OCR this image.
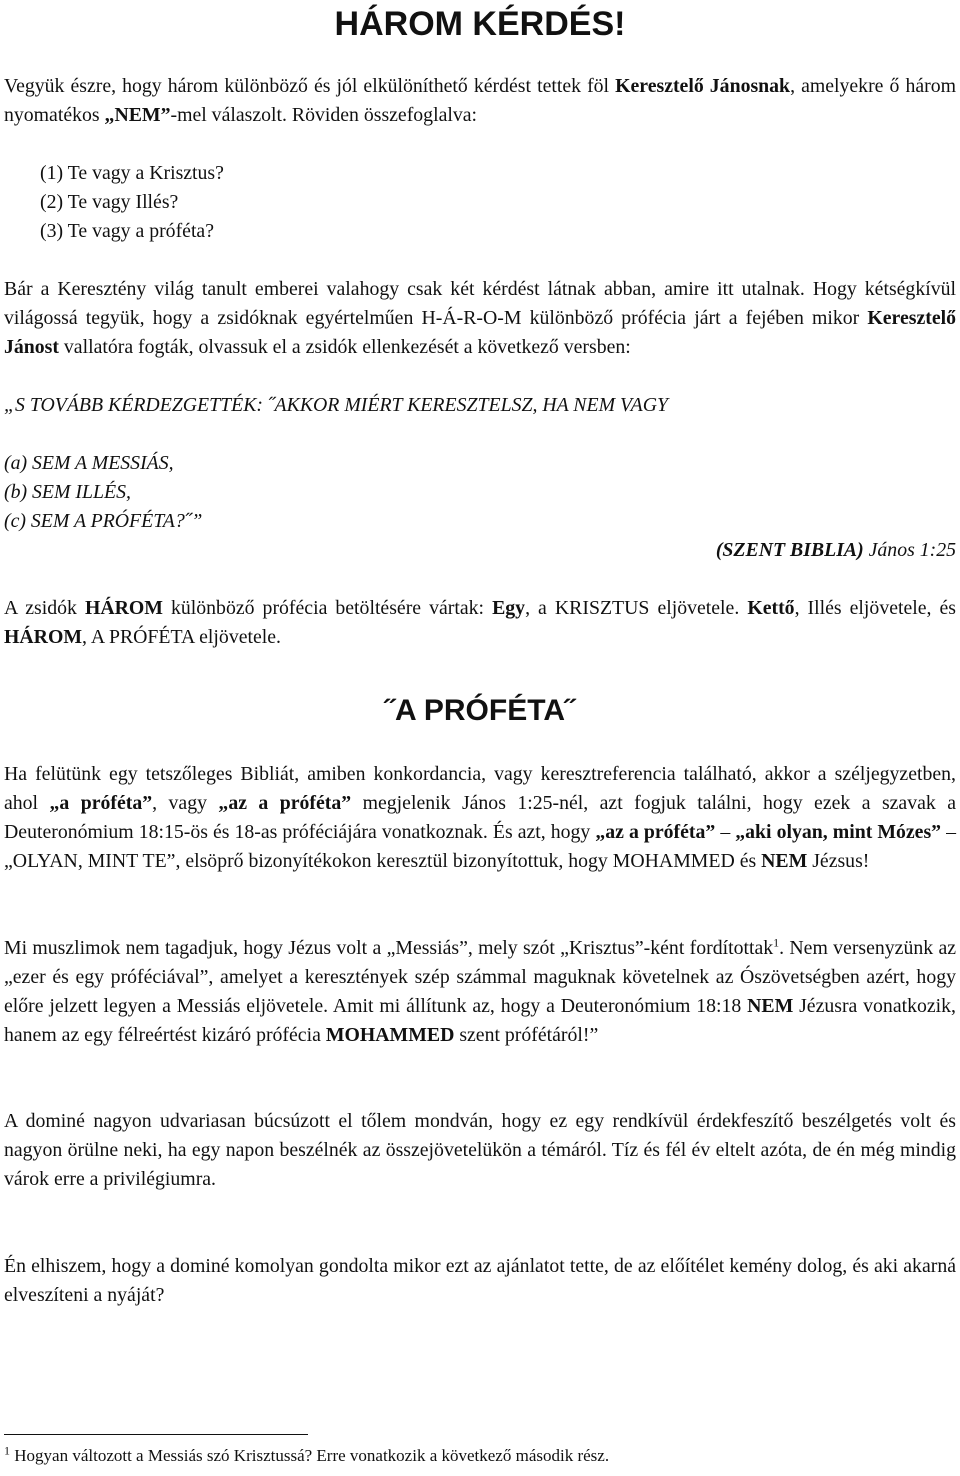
HÁROM KÉRDÉS!
Vegyük észre, hogy három különböző és jól elkülöníthető kérdést tettek föl Keresztelő Jánosnak, amelyekre ő három nyomatékos „NEM”-mel válaszolt. Röviden összefoglalva:
(1) Te vagy a Krisztus?
(2) Te vagy Illés?
(3) Te vagy a próféta?
Bár a Keresztény világ tanult emberei valahogy csak két kérdést látnak abban, amire itt utalnak. Hogy kétségkívül világossá tegyük, hogy a zsidóknak egyértelműen H-Á-R-O-M különböző prófécia járt a fejében mikor Keresztelő Jánost vallatóra fogták, olvassuk el a zsidók ellenkezését a következő versben:
„S TOVÁBB KÉRDEZGETTÉK: ˝AKKOR MIÉRT KERESZTELSZ, HA NEM VAGY
(a) SEM A MESSIÁS,
(b) SEM ILLÉS,
(c) SEM A PRÓFÉTA?˝”
(SZENT BIBLIA) János 1:25
A zsidók HÁROM különböző prófécia betöltésére vártak: Egy, a KRISZTUS eljövetele. Kettő, Illés eljövetele, és HÁROM, A PRÓFÉTA eljövetele.
˝A PRÓFÉTA˝
Ha felütünk egy tetszőleges Bibliát, amiben konkordancia, vagy keresztreferencia található, akkor a széljegyzetben, ahol „a próféta”, vagy „az a próféta” megjelenik János 1:25-nél, azt fogjuk találni, hogy ezek a szavak a Deuteronómium 18:15-ös és 18-as próféciájára vonatkoznak. És azt, hogy „az a próféta” – „aki olyan, mint Mózes” – „OLYAN, MINT TE”, elsöprő bizonyítékokon keresztül bizonyítottuk, hogy MOHAMMED és NEM Jézsus!
Mi muszlimok nem tagadjuk, hogy Jézus volt a „Messiás”, mely szót „Krisztus”-ként fordítottak$^1$. Nem versenyzünk az „ezer és egy próféciával”, amelyet a keresztények szép számmal maguknak követelnek az Ószövetségben azért, hogy előre jelzett legyen a Messiás eljövetele. Amit mi állítunk az, hogy a Deuteronómium 18:18 NEM Jézusra vonatkozik, hanem az egy félreértést kizáró prófécia MOHAMMED szent prófétáról!”
A dominé nagyon udvariasan búcsúzott el tőlem mondván, hogy ez egy rendkívül érdekfeszítő beszélgetés volt és nagyon örülne neki, ha egy napon beszélnék az összejövetelükön a témáról. Tíz és fél év eltelt azóta, de én még mindig várok erre a privilégiumra.
Én elhiszem, hogy a dominé komolyan gondolta mikor ezt az ajánlatot tette, de az előítélet kemény dolog, és aki akarná elveszíteni a nyáját?
$^1$ Hogyan változott a Messiás szó Krisztussá? Erre vonatkozik a következő második rész.
